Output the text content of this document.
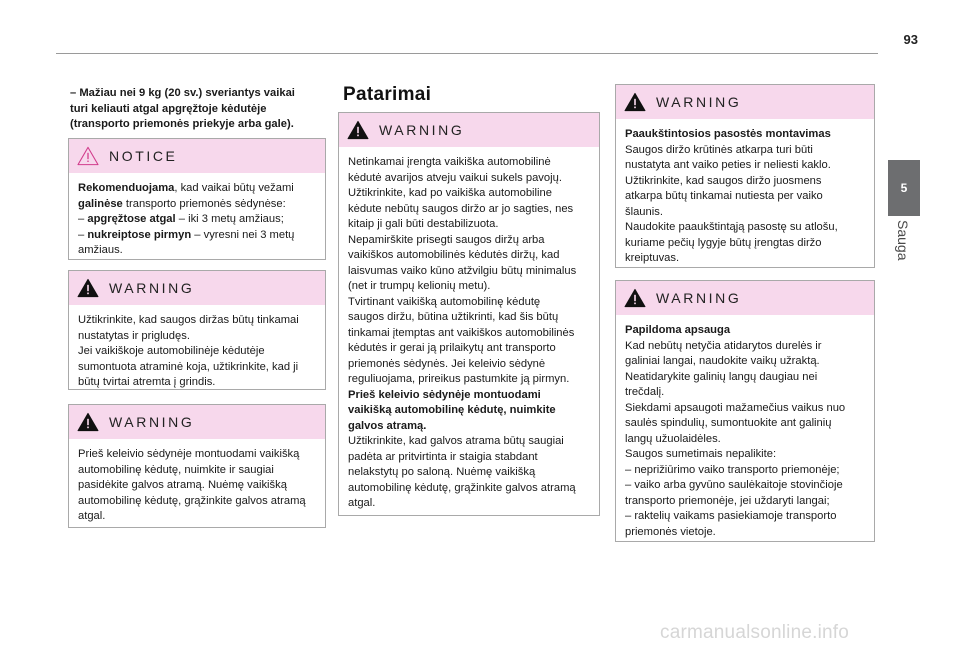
93
5
Sauga

– Mažiau nei 9 kg (20 sv.) sveriantys vaikai

turi keliauti atgal apgręžtoje kėdutėje

(transporto priemonės priekyje arba gale).

NOTICE

Rekomenduojama, kad vaikai būtų vežami

galinėse transporto priemonės sėdynėse:

– apgręžtose atgal – iki 3 metų amžiaus;

– nukreiptose pirmyn – vyresni nei 3 metų

amžiaus.

WARNING

Užtikrinkite, kad saugos diržas būtų tinkamai

nustatytas ir prigludęs.

Jei vaikiškoje automobilinėje kėdutėje

sumontuota atraminė koja, užtikrinkite, kad ji

būtų tvirtai atremta į grindis.

WARNING

Prieš keleivio sėdynėje montuodami vaikišką

automobilinę kėdutę, nuimkite ir saugiai

pasidėkite galvos atramą. Nuėmę vaikišką

automobilinę kėdutę, grąžinkite galvos atramą

atgal.

Patarimai
WARNING

Netinkamai įrengta vaikiška automobilinė

kėdutė avarijos atveju vaikui sukels pavojų.

Užtikrinkite, kad po vaikiška automobiline

kėdute nebūtų saugos diržo ar jo sagties, nes

kitaip ji gali būti destabilizuota.

Nepamirškite prisegti saugos diržų arba

vaikiškos automobilinės kėdutės diržų, kad

laisvumas vaiko kūno atžvilgiu būtų minimalus

(net ir trumpų kelionių metu).

Tvirtinant vaikišką automobilinę kėdutę

saugos diržu, būtina užtikrinti, kad šis būtų

tinkamai įtemptas ant vaikiškos automobilinės

kėdutės ir gerai ją prilaikytų ant transporto

priemonės sėdynės. Jei keleivio sėdynė

reguliuojama, prireikus pastumkite ją pirmyn.

Prieš keleivio sėdynėje montuodami

vaikišką automobilinę kėdutę, nuimkite

galvos atramą.

Užtikrinkite, kad galvos atrama būtų saugiai

padėta ar pritvirtinta ir staigia stabdant

nelakstytų po saloną. Nuėmę vaikišką

automobilinę kėdutę, grąžinkite galvos atramą

atgal.

WARNING

Paaukštintosios pasostės montavimas

Saugos diržo krūtinės atkarpa turi būti

nustatyta ant vaiko peties ir neliesti kaklo.

Užtikrinkite, kad saugos diržo juosmens

atkarpa būtų tinkamai nutiesta per vaiko

šlaunis.

Naudokite paaukštintąją pasostę su atlošu,

kuriame pečių lygyje būtų įrengtas diržo

kreiptuvas.

WARNING

Papildoma apsauga

Kad nebūtų netyčia atidarytos durelės ir

galiniai langai, naudokite vaikų užraktą.

Neatidarykite galinių langų daugiau nei

trečdalį.

Siekdami apsaugoti mažamečius vaikus nuo

saulės spindulių, sumontuokite ant galinių

langų užuolaidėles.

Saugos sumetimais nepalikite:

– neprižiūrimo vaiko transporto priemonėje;

– vaiko arba gyvūno saulėkaitoje stovinčioje

transporto priemonėje, jei uždaryti langai;

– raktelių vaikams pasiekiamoje transporto

priemonės vietoje.

carmanualsonline.info
